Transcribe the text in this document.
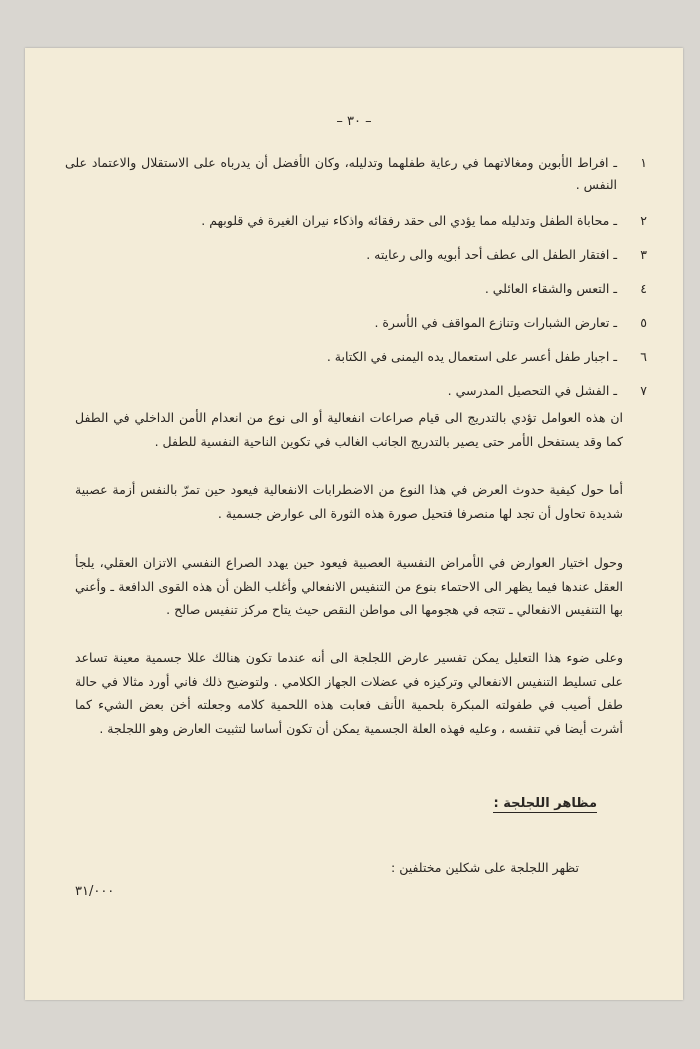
– ٣٠ –
١
ـ افراط الأبوين ومغالاتهما في رعاية طفلهما وتدليله، وكان الأفضل أن يدرباه على الاستقلال والاعتماد على النفس .
٢
ـ محاباة الطفل وتدليله مما يؤدي الى حقد رفقائه واذكاء نيران الغيرة في قلوبهم .
٣
ـ افتقار الطفل الى عطف أحد أبويه والى رعايته .
٤
ـ التعس والشقاء العائلي .
٥
ـ تعارض الشبارات وتنازع المواقف في الأسرة .
٦
ـ اجبار طفل أعسر على استعمال يده اليمنى في الكتابة .
٧
ـ الفشل في التحصيل المدرسي .
ان هذه العوامل تؤدي بالتدريج الى قيام صراعات انفعالية أو الى نوع من انعدام الأمن الداخلي في الطفل كما وقد يستفحل الأمر حتى يصير بالتدريج الجانب الغالب في تكوين الناحية النفسية للطفل .
أما حول كيفية حدوث العرض في هذا النوع من الاضطرابات الانفعالية فيعود حين تمرّ بالنفس أزمة عصبية شديدة تحاول أن تجد لها منصرفا فتحيل صورة هذه الثورة الى عوارض جسمية .
وحول اختيار العوارض في الأمراض النفسية العصبية فيعود حين يهدد الصراع النفسي الاتزان العقلي، يلجأ العقل عندها فيما يظهر الى الاحتماء بنوع من التنفيس الانفعالي وأغلب الظن أن هذه القوى الدافعة ـ وأعني بها التنفيس الانفعالي ـ تتجه في هجومها الى مواطن النقص حيث يتاح مركز تنفيس صالح .
وعلى ضوء هذا التعليل يمكن تفسير عارض اللجلجة الى أنه عندما تكون هنالك عللا جسمية معينة تساعد على تسليط التنفيس الانفعالي وتركيزه في عضلات الجهاز الكلامي . ولتوضيح ذلك فاني أورد مثالا في حالة طفل أصيب في طفولته المبكرة بلحمية الأنف فعابت هذه اللحمية كلامه وجعلته أخن بعض الشيء كما أشرت أيضا في تنفسه ، وعليه فهذه العلة الجسمية يمكن أن تكون أساسا لتثبيت العارض وهو اللجلجة .
مظاهر اللجلجة :
تظهر اللجلجة على شكلين مختلفين :
٣١/٠٠٠
